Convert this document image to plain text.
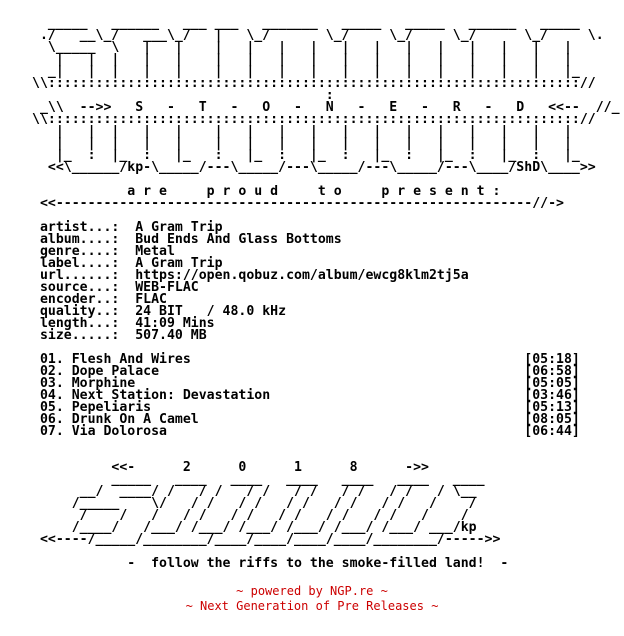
_____   ______   ___ ___   _______   _____   _____   ______   _____
./   __\_/   ___\_/   |   \_/       \_/     \_/     \_/      \_/     \.
\_____  \   |   |    |   |   |   |   |   |   |   |   |   |   |   |
|   |  |   |   |    |   |   |   |   |   |   |   |   |   |   |   |
_|   |  |   |   |    |   |   |   |   |   |   |   |   |   |   |   |_
\\::::::::::::::::::::::::::::::::::::::::::::::::::::::::::::::::::://
:
_\\  -->>   S   -   T   -   O   -   N   -   E   -   R   -   D   <<--  //_
\\::::::::::::::::::::::::::::::::::::::::::::::::::::::::::::::::::://
|   |  |   |   |    |   |   |   |   |   |   |   |   |   |   |   |
|   |  |   |   |    |   |   |   |   |   |   |   |   |   |   |   |
|_  :  |_  :   |_   :   |_  :   |_  :   |_  :   |_  :   |_  :   |_
<<\______/kp-\_____/---\_____/---\_____/---\_____/---\____/ShD\____>>

a r e     p r o u d     t o     p r e s e n t :
<<------------------------------------------------------------//->

artist...:  A Gram Trip
album....:  Bud Ends And Glass Bottoms
genre....:  Metal
label....:  A Gram Trip
url......:  https://open.qobuz.com/album/ewcg8klm2tj5a
source...:  WEB-FLAC
encoder..:  FLAC
quality..:  24 BIT   / 48.0 kHz
length...:  41:09 Mins
size.....:  507.40 MB

01. Flesh And Wires                                          [05:18]
02. Dope Palace                                              [06:58]
03. Morphine                                                 [05:05]
04. Next Station: Devastation                                [03:46]
05. Pepeliaris                                               [05:13]
06. Drunk On A Camel                                         [08:05]
07. Via Dolorosa                                             [06:44]

<<-      2      0      1      8      ->>
_____   ____   ____   ____   ____   ____   ____
__/  ____/ /   / /   / /   / /   / /   / /   / \__
/_____    \/   / /   / /   / /   / /   / /   /    /
/    /   /   / /   / /   / /   / /   / /   /    /
/____/   /___/ /___/ /___/ /___/ /___/ /___/ ___/kp
<<----/_____/________/____/____/____/____/________/----->>

-  follow the riffs to the smoke-filled land!  -
~ powered by NGP.re ~
~ Next Generation of Pre Releases ~
